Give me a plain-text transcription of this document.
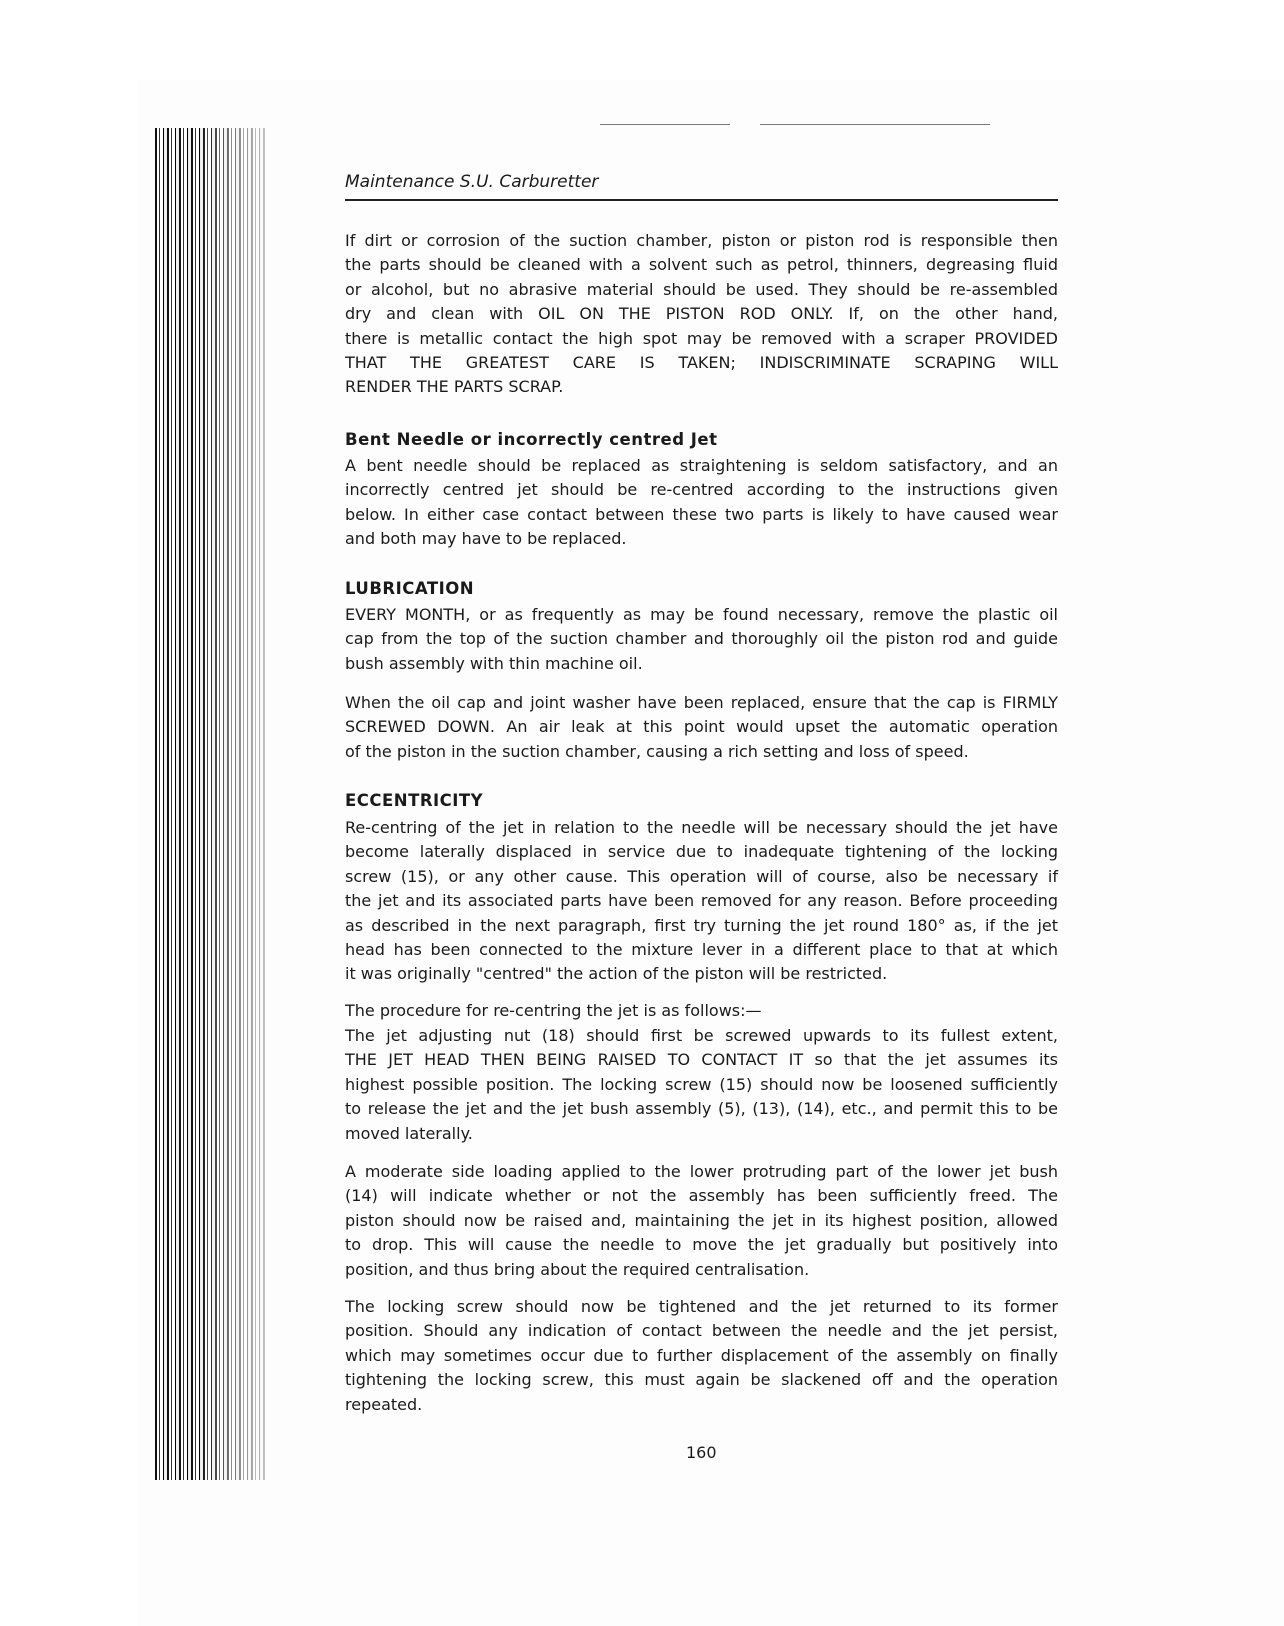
Maintenance S.U. Carburetter
If dirt or corrosion of the suction chamber, piston or piston rod is responsible then
the parts should be cleaned with a solvent such as petrol, thinners, degreasing fluid
or alcohol, but no abrasive material should be used. They should be re-assembled
dry and clean with OIL ON THE PISTON ROD ONLY. If, on the other hand,
there is metallic contact the high spot may be removed with a scraper PROVIDED
THAT THE GREATEST CARE IS TAKEN; INDISCRIMINATE SCRAPING WILL
RENDER THE PARTS SCRAP.
Bent Needle or incorrectly centred Jet
A bent needle should be replaced as straightening is seldom satisfactory, and an
incorrectly centred jet should be re-centred according to the instructions given
below. In either case contact between these two parts is likely to have caused wear
and both may have to be replaced.
LUBRICATION
EVERY MONTH, or as frequently as may be found necessary, remove the plastic oil
cap from the top of the suction chamber and thoroughly oil the piston rod and guide
bush assembly with thin machine oil.
When the oil cap and joint washer have been replaced, ensure that the cap is FIRMLY
SCREWED DOWN. An air leak at this point would upset the automatic operation
of the piston in the suction chamber, causing a rich setting and loss of speed.
ECCENTRICITY
Re-centring of the jet in relation to the needle will be necessary should the jet have
become laterally displaced in service due to inadequate tightening of the locking
screw (15), or any other cause. This operation will of course, also be necessary if
the jet and its associated parts have been removed for any reason. Before proceeding
as described in the next paragraph, first try turning the jet round 180° as, if the jet
head has been connected to the mixture lever in a different place to that at which
it was originally "centred" the action of the piston will be restricted.
The procedure for re-centring the jet is as follows:—
The jet adjusting nut (18) should first be screwed upwards to its fullest extent,
THE JET HEAD THEN BEING RAISED TO CONTACT IT so that the jet assumes its
highest possible position. The locking screw (15) should now be loosened sufficiently
to release the jet and the jet bush assembly (5), (13), (14), etc., and permit this to be
moved laterally.
A moderate side loading applied to the lower protruding part of the lower jet bush
(14) will indicate whether or not the assembly has been sufficiently freed. The
piston should now be raised and, maintaining the jet in its highest position, allowed
to drop. This will cause the needle to move the jet gradually but positively into
position, and thus bring about the required centralisation.
The locking screw should now be tightened and the jet returned to its former
position. Should any indication of contact between the needle and the jet persist,
which may sometimes occur due to further displacement of the assembly on finally
tightening the locking screw, this must again be slackened off and the operation
repeated.
160
